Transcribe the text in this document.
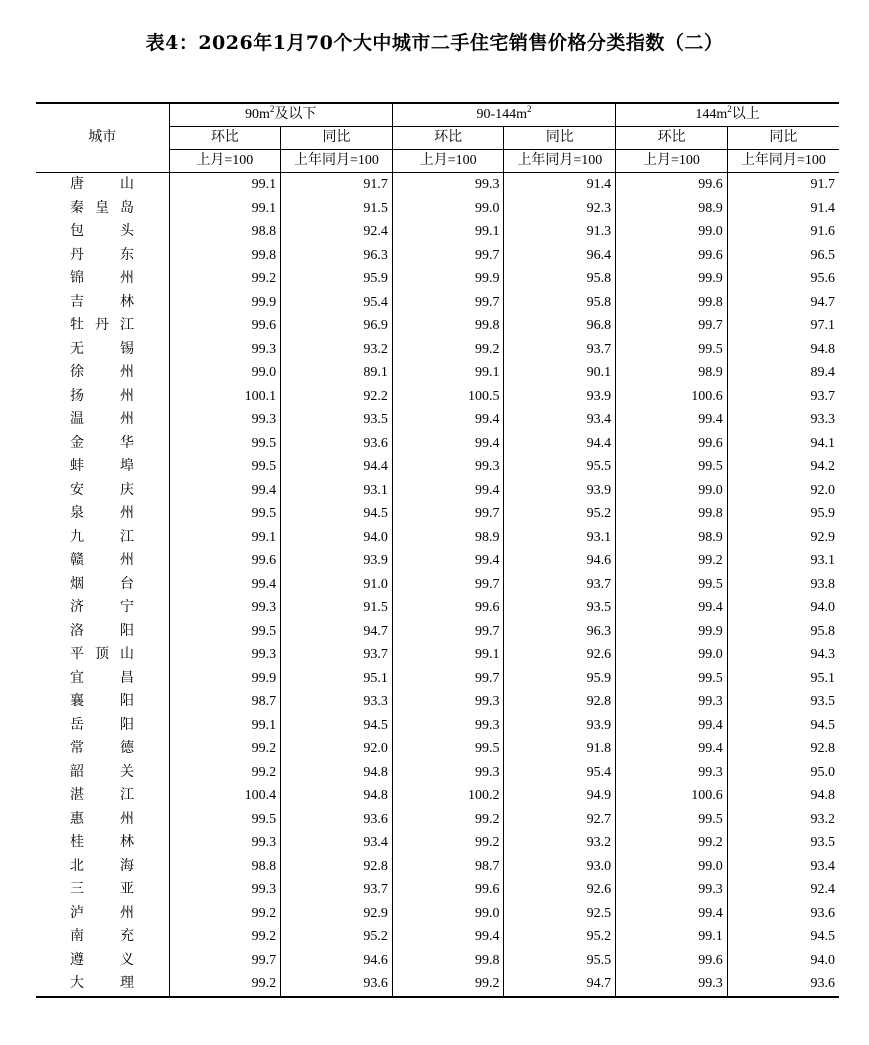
表4：2026年1月70个大中城市二手住宅销售价格分类指数（二）
城市	$90m^2$及以下		$90-144m^2$		$144m^2$以上	
	环比	同比	环比	同比	环比	同比
	上月=100	上年同月=100	上月=100	上年同月=100	上月=100	上年同月=100

唐 山	99.1	91.7	99.3	91.4	99.6	91.7

秦 皇 岛	99.1	91.5	99.0	92.3	98.9	91.4

包 头	98.8	92.4	99.1	91.3	99.0	91.6

丹 东	99.8	96.3	99.7	96.4	99.6	96.5

锦 州	99.2	95.9	99.9	95.8	99.9	95.6

吉 林	99.9	95.4	99.7	95.8	99.8	94.7

牡 丹 江	99.6	96.9	99.8	96.8	99.7	97.1

无 锡	99.3	93.2	99.2	93.7	99.5	94.8

徐 州	99.0	89.1	99.1	90.1	98.9	89.4

扬 州	100.1	92.2	100.5	93.9	100.6	93.7

温 州	99.3	93.5	99.4	93.4	99.4	93.3

金 华	99.5	93.6	99.4	94.4	99.6	94.1

蚌 埠	99.5	94.4	99.3	95.5	99.5	94.2

安 庆	99.4	93.1	99.4	93.9	99.0	92.0

泉 州	99.5	94.5	99.7	95.2	99.8	95.9

九 江	99.1	94.0	98.9	93.1	98.9	92.9

赣 州	99.6	93.9	99.4	94.6	99.2	93.1

烟 台	99.4	91.0	99.7	93.7	99.5	93.8

济 宁	99.3	91.5	99.6	93.5	99.4	94.0

洛 阳	99.5	94.7	99.7	96.3	99.9	95.8

平 顶 山	99.3	93.7	99.1	92.6	99.0	94.3

宜 昌	99.9	95.1	99.7	95.9	99.5	95.1

襄 阳	98.7	93.3	99.3	92.8	99.3	93.5

岳 阳	99.1	94.5	99.3	93.9	99.4	94.5

常 德	99.2	92.0	99.5	91.8	99.4	92.8

韶 关	99.2	94.8	99.3	95.4	99.3	95.0

湛 江	100.4	94.8	100.2	94.9	100.6	94.8

惠 州	99.5	93.6	99.2	92.7	99.5	93.2

桂 林	99.3	93.4	99.2	93.2	99.2	93.5

北 海	98.8	92.8	98.7	93.0	99.0	93.4

三 亚	99.3	93.7	99.6	92.6	99.3	92.4

泸 州	99.2	92.9	99.0	92.5	99.4	93.6

南 充	99.2	95.2	99.4	95.2	99.1	94.5

遵 义	99.7	94.6	99.8	95.5	99.6	94.0

大 理	99.2	93.6	99.2	94.7	99.3	93.6
